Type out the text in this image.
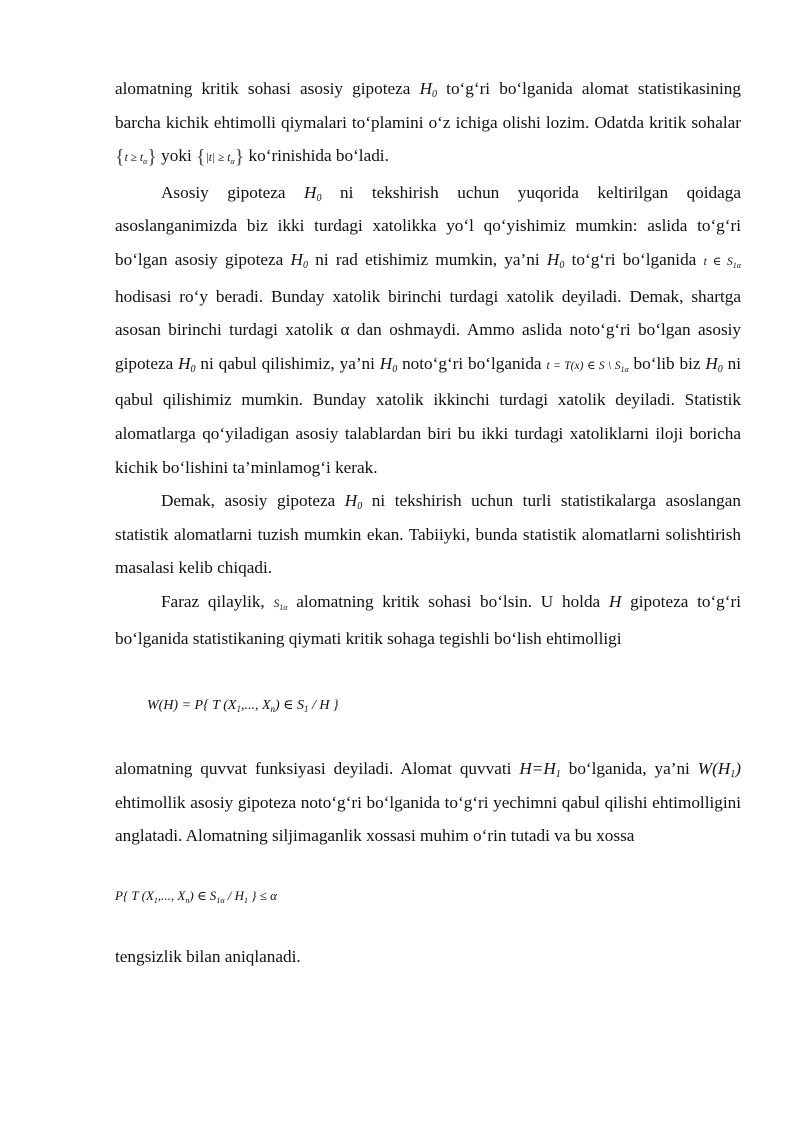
alomatning kritik sohasi asosiy gipoteza $H_0$ to‘g‘ri bo‘lganida alomat statistikasining barcha kichik ehtimolli qiymalari to‘plamini o‘z ichiga olishi lozim. Odatda kritik sohalar $\{t \ge t_\alpha\}$ yoki $\{|t| \ge t_\alpha\}$ ko‘rinishida bo‘ladi.

Asosiy gipoteza $H_0$ ni tekshirish uchun yuqorida keltirilgan qoidaga asoslanganimizda biz ikki turdagi xatolikka yo‘l qo‘yishimiz mumkin: aslida to‘g‘ri bo‘lgan asosiy gipoteza $H_0$ ni rad etishimiz mumkin, ya’ni $H_0$ to‘g‘ri bo‘lganida t ∈ $S_{1\alpha}$ hodisasi ro‘y beradi. Bunday xatolik birinchi turdagi xatolik deyiladi. Demak, shartga asosan birinchi turdagi xatolik α dan oshmaydi. Ammo aslida noto‘g‘ri bo‘lgan asosiy gipoteza $H_0$ ni qabul qilishimiz, ya’ni $H_0$ noto‘g‘ri bo‘lganida t = T(x) ∈ S \ $S_{1\alpha}$ bo‘lib biz $H_0$ ni qabul qilishimiz mumkin. Bunday xatolik ikkinchi turdagi xatolik deyiladi. Statistik alomatlarga qo‘yiladigan asosiy talablardan biri bu ikki turdagi xatoliklarni iloji boricha kichik bo‘lishini ta’minlamog‘i kerak.

Demak, asosiy gipoteza $H_0$ ni tekshirish uchun turli statistikalarga asoslangan statistik alomatlarni tuzish mumkin ekan. Tabiiyki, bunda statistik alomatlarni solishtirish masalasi kelib chiqadi.

Faraz qilaylik, $S_{1\alpha}$ alomatning kritik sohasi bo‘lsin. U holda H gipoteza to‘g‘ri bo‘lganida statistikaning qiymati kritik sohaga tegishli bo‘lish ehtimolligi

W(H) = P{ T ($X_1$,..., $X_n$) ∈ $S_1$ / H }

alomatning quvvat funksiyasi deyiladi. Alomat quvvati $H=H_1$ bo‘lganida, ya’ni $W(H_1)$ ehtimollik asosiy gipoteza noto‘g‘ri bo‘lganida to‘g‘ri yechimni qabul qilishi ehtimolligini anglatadi. Alomatning siljimaganlik xossasi muhim o‘rin tutadi va bu xossa

P{ T ($X_1$,..., $X_n$) ∈ $S_{1\alpha} / H_1$ } ≤ α

tengsizlik bilan aniqlanadi.
